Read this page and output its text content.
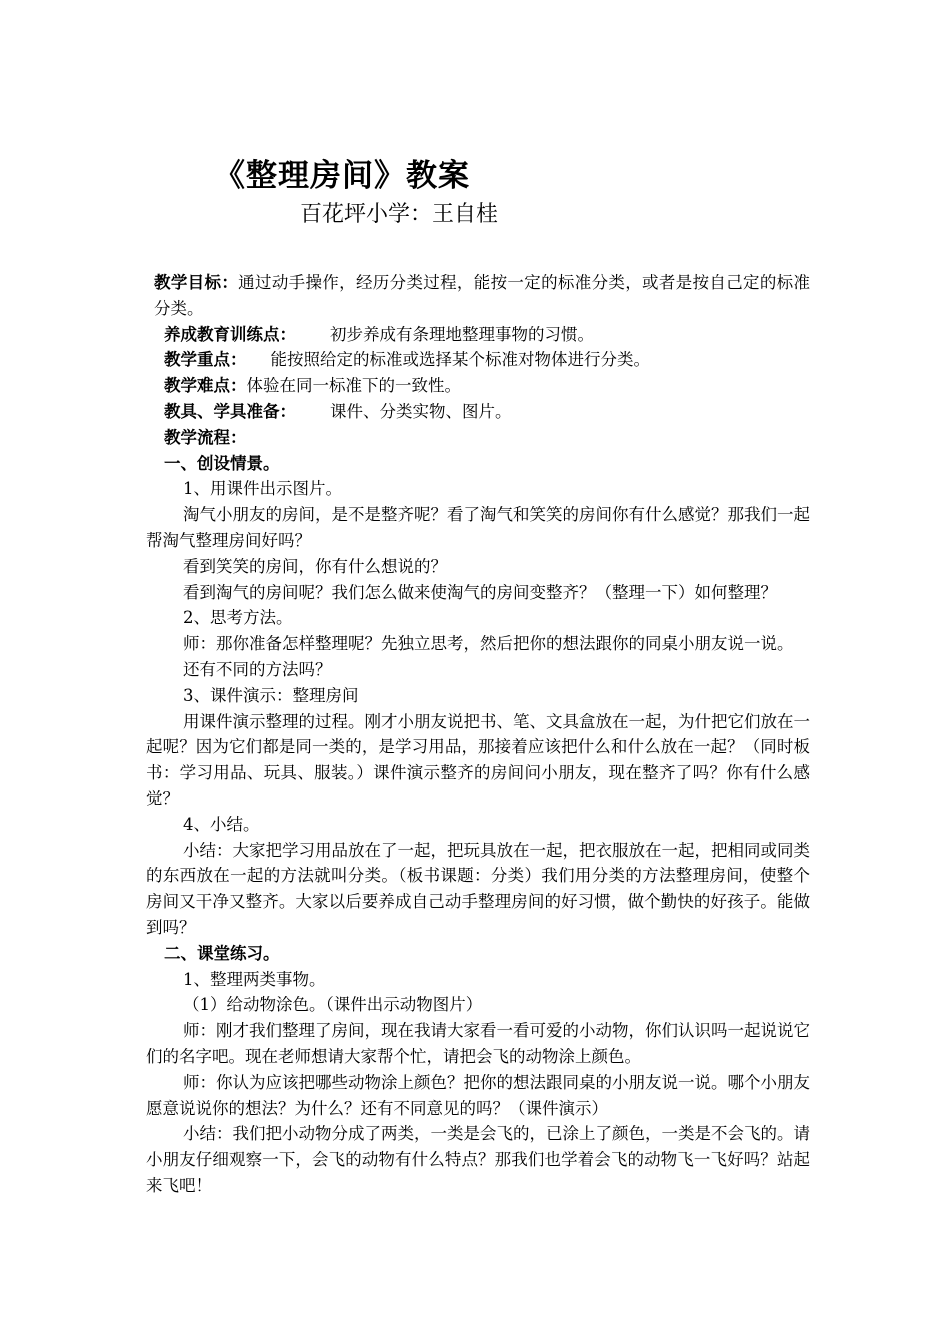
《整理房间》教案
百花坪小学：王自桂

教学目标：通过动手操作，经历分类过程，能按一定的标准分类，或者是按自己定的标准分类。

养成教育训练点： 初步养成有条理地整理事物的习惯。

教学重点： 能按照给定的标准或选择某个标准对物体进行分类。

教学难点：体验在同一标准下的一致性。

教具、学具准备： 课件、分类实物、图片。

教学流程：

一、创设情景。

1、用课件出示图片。

淘气小朋友的房间，是不是整齐呢？看了淘气和笑笑的房间你有什么感觉？那我们一起帮淘气整理房间好吗？

看到笑笑的房间，你有什么想说的？

看到淘气的房间呢？我们怎么做来使淘气的房间变整齐？（整理一下）如何整理？

2、思考方法。

师：那你准备怎样整理呢？先独立思考，然后把你的想法跟你的同桌小朋友说一说。

还有不同的方法吗？

3、课件演示：整理房间

用课件演示整理的过程。刚才小朋友说把书、笔、文具盒放在一起，为什把它们放在一起呢？因为它们都是同一类的，是学习用品，那接着应该把什么和什么放在一起？（同时板书：学习用品、玩具、服装。）课件演示整齐的房间问小朋友，现在整齐了吗？你有什么感觉？

4、小结。

小结：大家把学习用品放在了一起，把玩具放在一起，把衣服放在一起，把相同或同类的东西放在一起的方法就叫分类。（板书课题：分类）我们用分类的方法整理房间，使整个房间又干净又整齐。大家以后要养成自己动手整理房间的好习惯，做个勤快的好孩子。能做到吗？

二、课堂练习。

1、整理两类事物。

（1）给动物涂色。（课件出示动物图片）

师：刚才我们整理了房间，现在我请大家看一看可爱的小动物，你们认识吗一起说说它们的名字吧。现在老师想请大家帮个忙，请把会飞的动物涂上颜色。

师：你认为应该把哪些动物涂上颜色？把你的想法跟同桌的小朋友说一说。哪个小朋友愿意说说你的想法？为什么？还有不同意见的吗？（课件演示）

小结：我们把小动物分成了两类，一类是会飞的，已涂上了颜色，一类是不会飞的。请小朋友仔细观察一下，会飞的动物有什么特点？那我们也学着会飞的动物飞一飞好吗？站起来飞吧！
